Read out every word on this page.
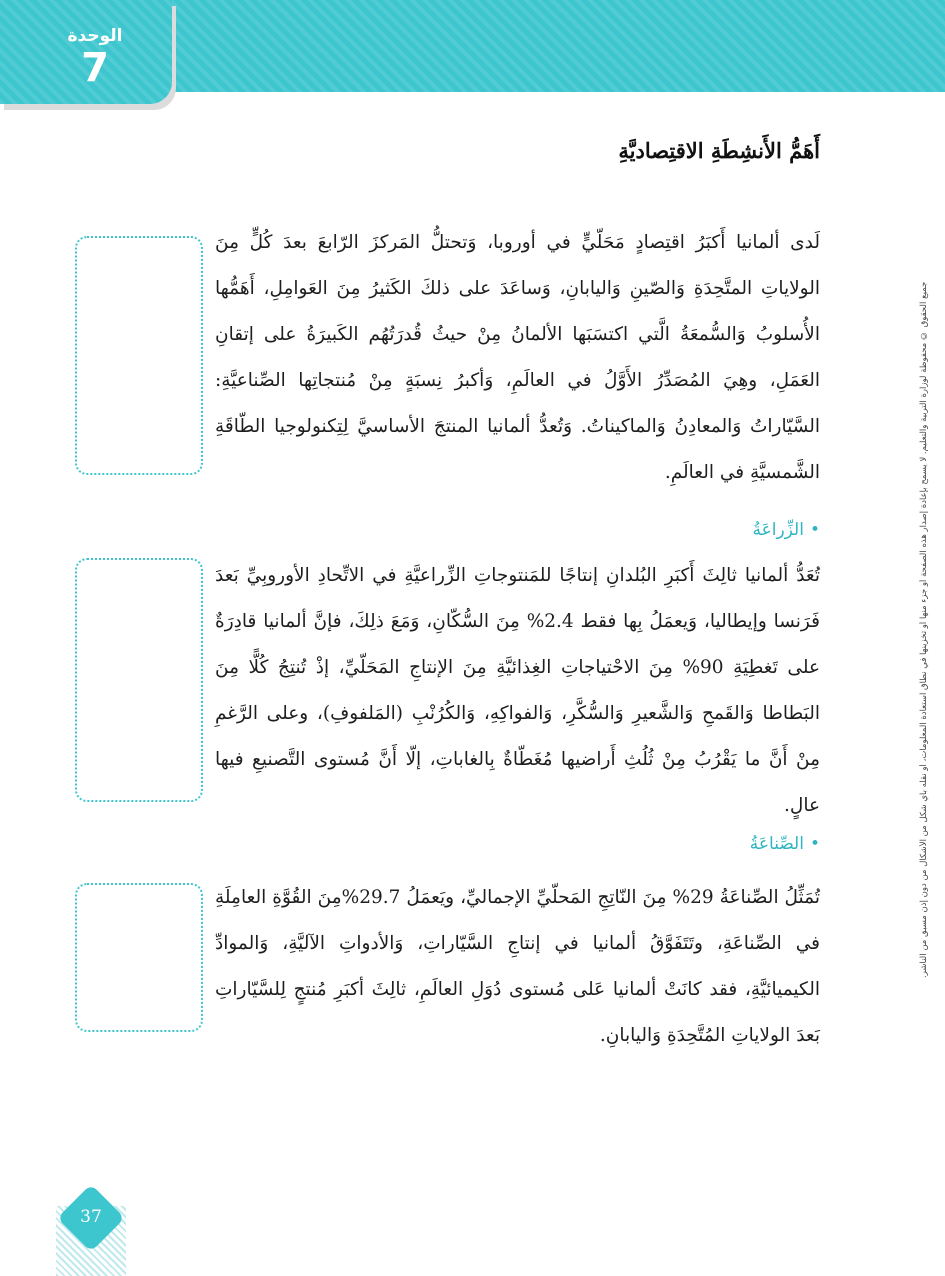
الوحدة
7
جميع الحقوق © محفوظة لوزارة التربية والتعليم. لا يسمح بإعادة إصدار هذه الصفحة أو جزء منها أو تخزينها في نطاق استعادة المعلومات، أو نقله بأي شكل من الأشكال من دون إذن مسبق من الناشر.
أَهَمُّ الأَنشِطَةِ الاقتِصاديَّةِ

لَدى ألمانيا أَكبَرُ اقتِصادٍ مَحَلّيٍّ في أوروبا، وَتحتلُّ المَركزَ الرّابعَ بعدَ كُلٍّ مِنَ الولاياتِ المتَّحِدَةِ وَالصّينِ وَاليابانِ، وَساعَدَ على ذلكَ الكَثيرُ مِنَ العَوامِلِ، أَهَمُّها الأُسلوبُ وَالسُّمعَةُ الَّتي اكتسَبَها الألمانُ مِنْ حيثُ قُدرَتُهُم الكَبيرَةُ على إتقانِ العَمَلِ، وهِيَ المُصَدِّرُ الأَوَّلُ في العالَمِ، وَأكبرُ نِسبَةٍ مِنْ مُنتجاتِها الصِّناعيَّةِ: السَّيّاراتُ وَالمعادِنُ وَالماكيناتُ. وَتُعدُّ ألمانيا المنتجَ الأساسيَّ لِتِكنولوجيا الطّاقَةِ الشَّمسيَّةِ في العالَمِ.

•الزِّراعَةُ

تُعَدُّ ألمانيا ثالِثَ أَكبَرِ البُلدانِ إنتاجًا للمَنتوجاتِ الزِّراعيَّةِ في الاتِّحادِ الأوروبِيِّ بَعدَ فَرَنسا وإيطاليا، وَيعمَلُ بِها فقط 2.4% مِنَ السُّكّانِ، وَمَعَ ذلِكَ، فإنَّ ألمانيا قادِرَةٌ على تَغطِيَةِ 90% مِنَ الاحْتياجاتِ الغِذائيَّةِ مِنَ الإنتاجِ المَحَلّيِّ، إذْ تُنتِجُ كُلًّا مِنَ البَطاطا وَالقَمحِ وَالشَّعيرِ وَالسُّكَّرِ، وَالفواكِهِ، وَالكُرُنْبِ (المَلفوفِ)، وعلى الرَّغمِ مِنْ أَنَّ ما يَقْرُبُ مِنْ ثُلُثِ أَراضيها مُغَطّاةٌ بِالغاباتِ، إلّا أَنَّ مُستوى التَّصنيعِ فيها عالٍ.

•الصِّناعَةُ

تُمَثِّلُ الصِّناعَةُ 29% مِنَ النّاتِجِ المَحلّيِّ الإجماليِّ، ويَعمَلُ 29.7%مِنَ القُوَّةِ العامِلَةِ في الصِّناعَةِ، وتَتَفَوَّقُ ألمانيا في إنتاجِ السَّيّاراتِ، وَالأدواتِ الآليَّةِ، وَالموادِّ الكيميائيَّةِ، فقد كانَتْ ألمانيا عَلى مُستوى دُوَلِ العالَمِ، ثالِثَ أكبَرِ مُنتجٍ لِلسَّيّاراتِ بَعدَ الولاياتِ المُتَّحِدَةِ وَاليابانِ.

37
